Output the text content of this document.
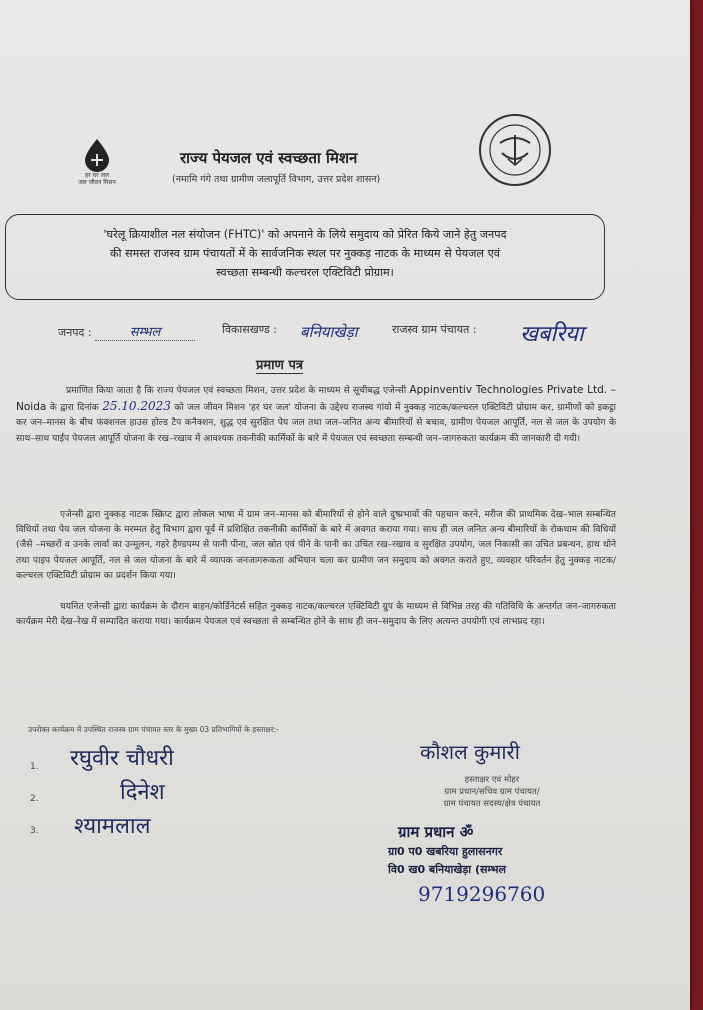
हर घर जल
जल जीवन मिशन
राज्य पेयजल एवं स्वच्छता मिशन
(नमामि गंगे तथा ग्रामीण जलापूर्ति विभाग, उत्तर प्रदेश शासन)
'घरेलू क्रियाशील नल संयोजन (FHTC)' को अपनाने के लिये समुदाय को प्रेरित किये जाने हेतु जनपद
की समस्त राजस्व ग्राम पंचायतों में के सार्वजनिक स्थल पर नुक्कड़ नाटक के माध्यम से पेयजल एवं
स्वच्छता सम्बन्धी कल्चरल एक्टिविटी प्रोग्राम।
जनपद :	सम्भल	विकासखण्ड : बनियाखेड़ा	राजस्व ग्राम पंचायत : खबरिया
प्रमाण पत्र
प्रमाणित किया जाता है कि राज्य पेयजल एवं स्वच्छता मिशन, उत्तर प्रदेश के माध्यम से सूचीबद्ध एजेन्सी Appinventiv Technologies Private Ltd. – Noida के द्वारा दिनांक 25.10.2023 को जल जीवन मिशन 'हर घर जल' योजना के उद्देश्य राजस्व गांवो में नुक्कड़ नाटक/कल्चरल एक्टिविटी प्रोग्राम कर, ग्रामीणों को इकट्ठा कर जन–मानस के बीच फंक्शनल हाउस होल्ड टैप कनैक्शन, शुद्ध एवं सुरक्षित पेय जल तथा जल–जनित अन्य बीमारियों से बचाव, ग्रामीण पेयजल आपूर्ति, नल से जल के उपयोग के साथ–साथ पाईप पेयजल आपूर्ति योजना के रख–रखाव में आवश्यक तकनीकी कार्मिकों के बारे में पेयजल एवं स्वच्छता सम्बन्धी जन–जागरुकता कार्यक्रम की जानकारी दी गयी।
एजेन्सी द्वारा नुक्कड़ नाटक स्क्रिप्ट द्वारा लोकल भाषा में ग्राम जन–मानस को बीमारियों से होने वाले दुष्प्रभावों की पहचान करने, मरीज की प्राथमिक देख–भाल सम्बन्धित विधियों तथा पेय जल योजना के मरम्मत हेतु विभाग द्वारा पूर्व में प्रशिक्षित तकनीकी कार्मिकों के बारे में अवगत कराया गया। साथ ही जल जनित अन्य बीमारियों के रोकथाम की विधियों (जैसे –मच्छरों व उनके लार्वा का उन्मूलन, गहरे हैण्डपम्प से पानी पीना, जल स्रोत एवं पीने के पानी का उचित रख–रखाव व सुरक्षित उपयोग, जल निकासी का उचित प्रबन्धन, हाथ धोने तथा पाइप पेयजल आपूर्ति, नल से जल योजना के बारे में व्यापक जनजागरूकता अभियान चला कर ग्रामीण जन समुदाय को अवगत कराते हुए, व्यवहार परिवर्तन हेतु नुक्कड़ नाटक/कल्चरल एक्टिविटी प्रोग्राम का प्रदर्शन किया गया।
चयनित एजेन्सी द्वारा कार्यक्रम के दौरान बाहन/कोर्डिनेटर्स सहित नुक्कड़ नाटक/कल्चरल एक्टिविटी ग्रुप के माध्यम से विभिन्न तरह की गतिविधि के अन्तर्गत जन–जागरुकता कार्यक्रम मेरी देख–रेख में सम्पादित कराया गया। कार्यक्रम पेयजल एवं स्वच्छता से सम्बन्धित होने के साथ ही जन–समुदाय के लिए अत्यन्त उपयोगी एवं लाभप्रद रहा।
उपरोक्त कार्यक्रम में उपस्थित राजस्व ग्राम पंचायत स्तर के मुख्य 03 प्रतिभागियों के हस्ताक्षर:-
1.
2.
3.
रघुवीर चौधरी
दिनेश
श्यामलाल
कौशल कुमारी
हस्ताक्षर एवं मोहर
ग्राम प्रधान/सचिव ग्राम पंचायत/
ग्राम पंचायत सदस्य/क्षेत्र पंचायत
ग्राम प्रधान ॐ
ग्रा0 प0 खबरिया हुलासनगर
वि0 ख0 बनियाखेड़ा (सम्भल
9719296760
